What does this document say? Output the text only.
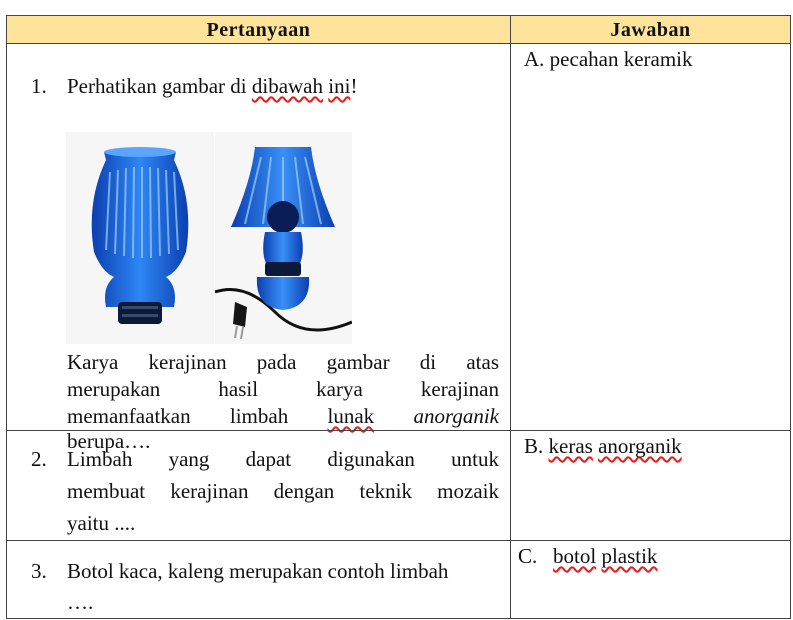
Pertanyaan	Jawaban
1. Perhatikan gambar di dibawah ini!
Karya kerajinan pada gambar di atas
merupakan hasil karya kerajinan
memanfaatkan limbah lunak anorganik
berupa….
A. pecahan keramik
2. Limbah yang dapat digunakan untuk
membuat kerajinan dengan teknik mozaik
yaitu ....
B. keras anorganik
3. Botol kaca, kaleng merupakan contoh limbah
….
C. botol plastik
